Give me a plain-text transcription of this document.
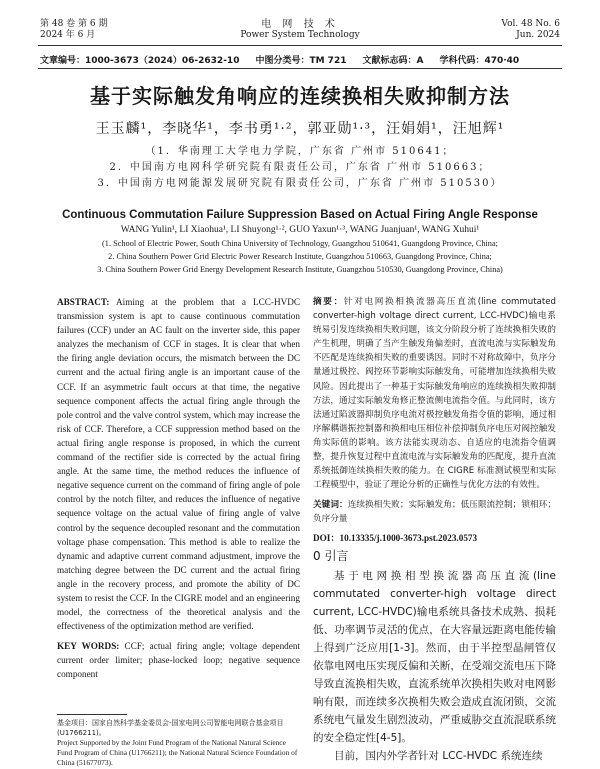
第 48 卷 第 6 期
2024 年 6 月
电 网 技 术
Power System Technology
Vol. 48 No. 6
Jun. 2024
文章编号：1000-3673（2024）06-2632-10 中图分类号：TM 721 文献标志码：A 学科代码：470·40
基于实际触发角响应的连续换相失败抑制方法
王玉麟¹，李晓华¹，李书勇¹·²，郭亚勋¹·³，汪娟娟¹，汪旭辉¹
（1．华南理工大学电力学院，广东省 广州市 510641；
2．中国南方电网科学研究院有限责任公司，广东省 广州市 510663；
3．中国南方电网能源发展研究院有限责任公司，广东省 广州市 510530）
Continuous Commutation Failure Suppression Based on Actual Firing Angle Response
WANG Yulin¹, LI Xiaohua¹, LI Shuyong¹·², GUO Yaxun¹·³, WANG Juanjuan¹, WANG Xuhui¹
(1. School of Electric Power, South China University of Technology, Guangzhou 510641, Guangdong Province, China;
2. China Southern Power Grid Electric Power Research Institute, Guangzhou 510663, Guangdong Province, China;
3. China Southern Power Grid Energy Development Research Institute, Guangzhou 510530, Guangdong Province, China)
ABSTRACT: Aiming at the problem that a LCC-HVDC transmission system is apt to cause continuous commutation failures (CCF) under an AC fault on the inverter side, this paper analyzes the mechanism of CCF in stages. It is clear that when the firing angle deviation occurs, the mismatch between the DC current and the actual firing angle is an important cause of the CCF. If an asymmetric fault occurs at that time, the negative sequence component affects the actual firing angle through the pole control and the valve control system, which may increase the risk of CCF. Therefore, a CCF suppression method based on the actual firing angle response is proposed, in which the current command of the rectifier side is corrected by the actual firing angle. At the same time, the method reduces the influence of negative sequence current on the command of firing angle of pole control by the notch filter, and reduces the influence of negative sequence voltage on the actual value of firing angle of valve control by the sequence decoupled resonant and the commutation voltage phase compensation. This method is able to realize the dynamic and adaptive current command adjustment, improve the matching degree between the DC current and the actual firing angle in the recovery process, and promote the ability of DC system to resist the CCF. In the CIGRE model and an engineering model, the correctness of the theoretical analysis and the effectiveness of the optimization method are verified.
KEY WORDS: CCF; actual firing angle; voltage dependent current order limiter; phase-locked loop; negative sequence component
基金项目：国家自然科学基金委员会-国家电网公司智能电网联合基金项目(U1766211)。
Project Supported by the Joint Fund Program of the National Natural Science Fund Program of China (U1766211); the National Natural Science Foundation of China (51677073).
摘要：针对电网换相换流器高压直流(line commutated converter-high voltage direct current, LCC-HVDC)输电系统易引发连续换相失败问题，该文分阶段分析了连续换相失败的产生机理，明确了当产生触发角偏差时，直流电流与实际触发角不匹配是连续换相失败的重要诱因。同时不对称故障中，负序分量通过极控、阀控环节影响实际触发角，可能增加连续换相失败风险。因此提出了一种基于实际触发角响应的连续换相失败抑制方法，通过实际触发角修正整流侧电流指令值。与此同时，该方法通过陷波器抑制负序电流对极控触发角指令值的影响，通过相序解耦谐振控制器和换相电压相位补偿抑制负序电压对阀控触发角实际值的影响。该方法能实现动态、自适应的电流指令值调整，提升恢复过程中直流电流与实际触发角的匹配度，提升直流系统抵御连续换相失败的能力。在 CIGRE 标准测试模型和实际工程模型中，验证了理论分析的正确性与优化方法的有效性。
关键词：连续换相失败；实际触发角；低压限流控制；锁相环；负序分量
DOI：10.13335/j.1000-3673.pst.2023.0573
0 引言
基于电网换相型换流器高压直流(line commutated converter-high voltage direct current, LCC-HVDC)输电系统具备技术成熟、损耗低、功率调节灵活的优点，在大容量远距离电能传输上得到广泛应用[1-3]。然而，由于半控型晶闸管仅依靠电网电压实现反偏和关断，在受端交流电压下降导致直流换相失败，直流系统单次换相失败对电网影响有限，而连续多次换相失败会造成直流闭锁，交流系统电气量发生剧烈波动，严重威胁交直流混联系统的安全稳定性[4-5]。
目前，国内外学者针对 LCC-HVDC 系统连续
